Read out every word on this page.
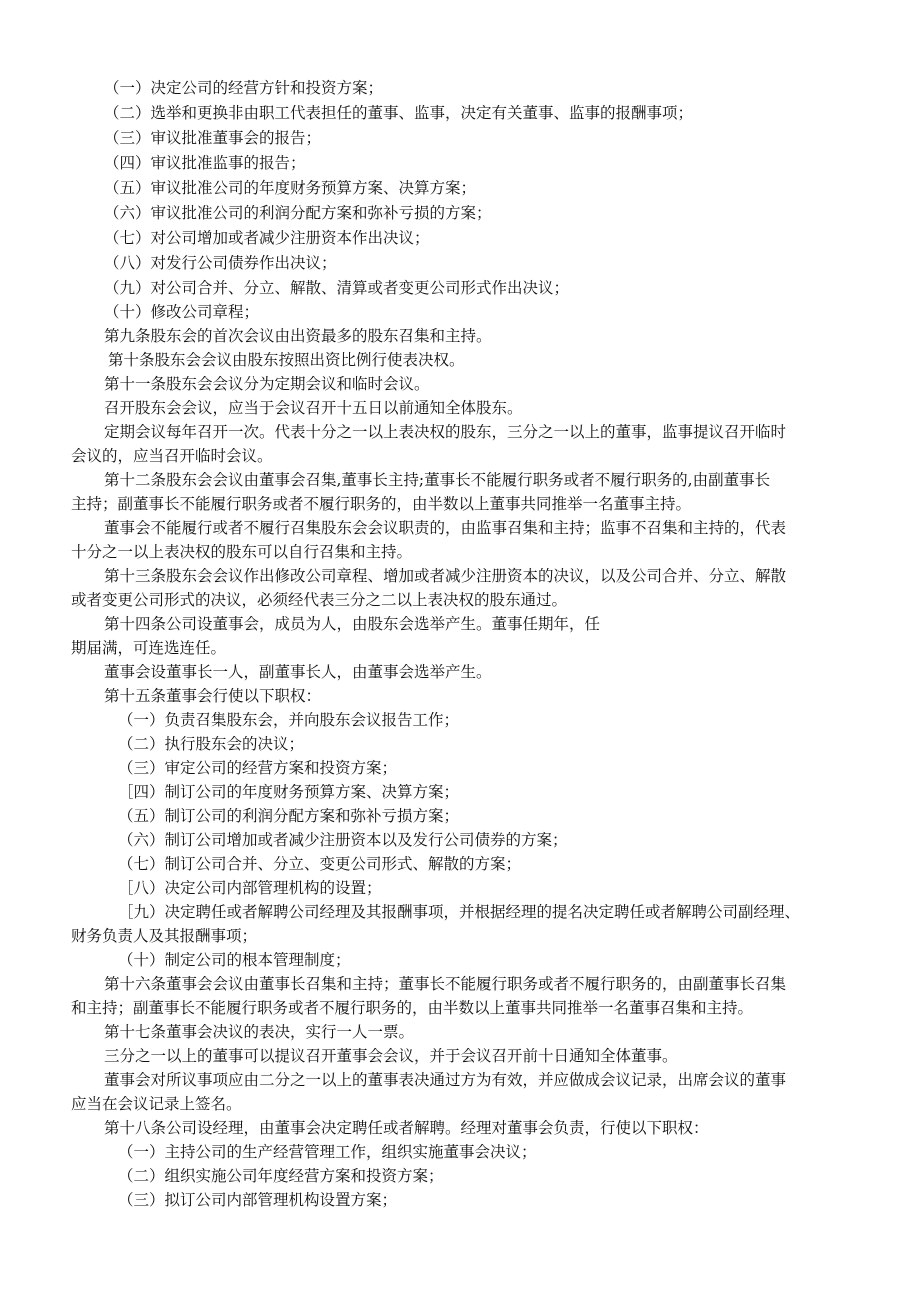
（一）决定公司的经营方针和投资方案；
（二）选举和更换非由职工代表担任的董事、监事，决定有关董事、监事的报酬事项；
（三）审议批准董事会的报告；
（四）审议批准监事的报告；
（五）审议批准公司的年度财务预算方案、决算方案；
（六）审议批准公司的利润分配方案和弥补亏损的方案；
（七）对公司增加或者减少注册资本作出决议；
（八）对发行公司债券作出决议；
（九）对公司合并、分立、解散、清算或者变更公司形式作出决议；
（十）修改公司章程；
第九条股东会的首次会议由出资最多的股东召集和主持。
第十条股东会会议由股东按照出资比例行使表决权。
第十一条股东会会议分为定期会议和临时会议。
召开股东会会议，应当于会议召开十五日以前通知全体股东。
定期会议每年召开一次。代表十分之一以上表决权的股东，三分之一以上的董事，监事提议召开临时
会议的，应当召开临时会议。
第十二条股东会会议由董事会召集,董事长主持;董事长不能履行职务或者不履行职务的,由副董事长
主持；副董事长不能履行职务或者不履行职务的，由半数以上董事共同推举一名董事主持。
董事会不能履行或者不履行召集股东会会议职责的，由监事召集和主持；监事不召集和主持的，代表
十分之一以上表决权的股东可以自行召集和主持。
第十三条股东会会议作出修改公司章程、增加或者减少注册资本的决议，以及公司合并、分立、解散
或者变更公司形式的决议，必须经代表三分之二以上表决权的股东通过。
第十四条公司设董事会，成员为人，由股东会选举产生。董事任期年，任
期届满，可连选连任。
董事会设董事长一人，副董事长人，由董事会选举产生。
第十五条董事会行使以下职权：
（一）负责召集股东会，并向股东会议报告工作；
（二）执行股东会的决议；
（三）审定公司的经营方案和投资方案；
［四）制订公司的年度财务预算方案、决算方案；
（五）制订公司的利润分配方案和弥补亏损方案；
（六）制订公司增加或者减少注册资本以及发行公司债券的方案；
（七）制订公司合并、分立、变更公司形式、解散的方案；
［八）决定公司内部管理机构的设置；
［九）决定聘任或者解聘公司经理及其报酬事项，并根据经理的提名决定聘任或者解聘公司副经理、
财务负责人及其报酬事项；
（十）制定公司的根本管理制度；
第十六条董事会会议由董事长召集和主持；董事长不能履行职务或者不履行职务的，由副董事长召集
和主持；副董事长不能履行职务或者不履行职务的，由半数以上董事共同推举一名董事召集和主持。
第十七条董事会决议的表决，实行一人一票。
三分之一以上的董事可以提议召开董事会会议，并于会议召开前十日通知全体董事。
董事会对所议事项应由二分之一以上的董事表决通过方为有效，并应做成会议记录，出席会议的董事
应当在会议记录上签名。
第十八条公司设经理，由董事会决定聘任或者解聘。经理对董事会负责，行使以下职权：
（一）主持公司的生产经营管理工作，组织实施董事会决议；
（二）组织实施公司年度经营方案和投资方案；
（三）拟订公司内部管理机构设置方案；
